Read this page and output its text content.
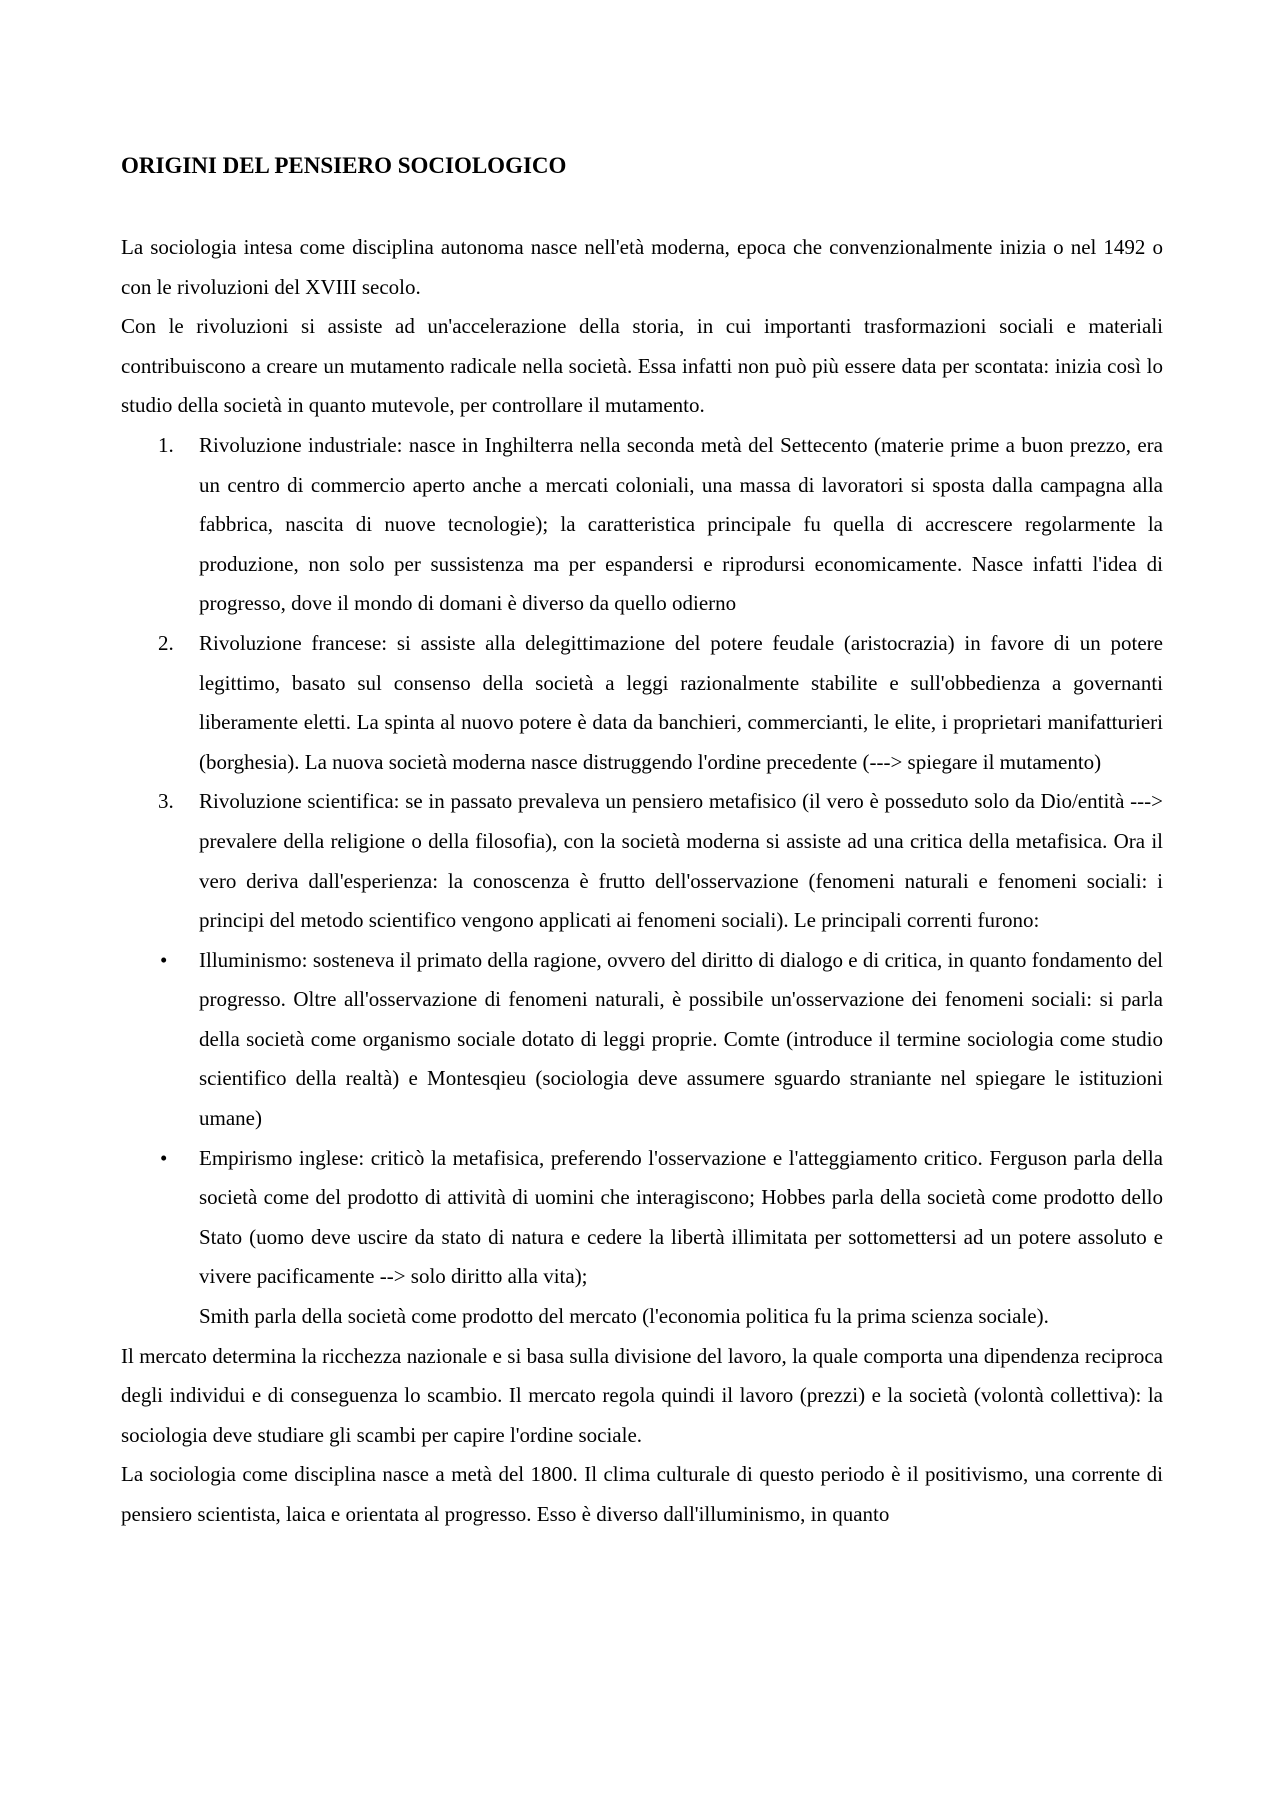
ORIGINI DEL PENSIERO SOCIOLOGICO

La sociologia intesa come disciplina autonoma nasce nell'età moderna, epoca che convenzionalmente inizia o nel 1492 o con le rivoluzioni del XVIII secolo.

Con le rivoluzioni si assiste ad un'accelerazione della storia, in cui importanti trasformazioni sociali e materiali contribuiscono a creare un mutamento radicale nella società. Essa infatti non può più essere data per scontata: inizia così lo studio della società in quanto mutevole, per controllare il mutamento.

1.	Rivoluzione industriale: nasce in Inghilterra nella seconda metà del Settecento (materie prime a buon prezzo, era un centro di commercio aperto anche a mercati coloniali, una massa di lavoratori si sposta dalla campagna alla fabbrica, nascita di nuove tecnologie); la caratteristica principale fu quella di accrescere regolarmente la produzione, non solo per sussistenza ma per espandersi e riprodursi economicamente. Nasce infatti l'idea di progresso, dove il mondo di domani è diverso da quello odierno
2.	Rivoluzione francese: si assiste alla delegittimazione del potere feudale (aristocrazia) in favore di un potere legittimo, basato sul consenso della società a leggi razionalmente stabilite e sull'obbedienza a governanti liberamente eletti. La spinta al nuovo potere è data da banchieri, commercianti, le elite, i proprietari manifatturieri (borghesia). La nuova società moderna nasce distruggendo l'ordine precedente (---> spiegare il mutamento)
3.	Rivoluzione scientifica: se in passato prevaleva un pensiero metafisico (il vero è posseduto solo da Dio/entità ---> prevalere della religione o della filosofia), con la società moderna si assiste ad una critica della metafisica. Ora il vero deriva dall'esperienza: la conoscenza è frutto dell'osservazione (fenomeni naturali e fenomeni sociali: i principi del metodo scientifico vengono applicati ai fenomeni sociali). Le principali correnti furono:
•	Illuminismo: sosteneva il primato della ragione, ovvero del diritto di dialogo e di critica, in quanto fondamento del progresso. Oltre all'osservazione di fenomeni naturali, è possibile un'osservazione dei fenomeni sociali: si parla della società come organismo sociale dotato di leggi proprie. Comte (introduce il termine sociologia come studio scientifico della realtà) e Montesqieu (sociologia deve assumere sguardo straniante nel spiegare le istituzioni umane)
•	Empirismo inglese: criticò la metafisica, preferendo l'osservazione e l'atteggiamento critico. Ferguson parla della società come del prodotto di attività di uomini che interagiscono; Hobbes parla della società come prodotto dello Stato (uomo deve uscire da stato di natura e cedere la libertà illimitata per sottomettersi ad un potere assoluto e vivere pacificamente --> solo diritto alla vita);

Smith parla della società come prodotto del mercato (l'economia politica fu la prima scienza sociale).

Il mercato determina la ricchezza nazionale e si basa sulla divisione del lavoro, la quale comporta una dipendenza reciproca degli individui e di conseguenza lo scambio. Il mercato regola quindi il lavoro (prezzi) e la società (volontà collettiva): la sociologia deve studiare gli scambi per capire l'ordine sociale.

La sociologia come disciplina nasce a metà del 1800. Il clima culturale di questo periodo è il positivismo, una corrente di pensiero scientista, laica e orientata al progresso. Esso è diverso dall'illuminismo, in quanto
